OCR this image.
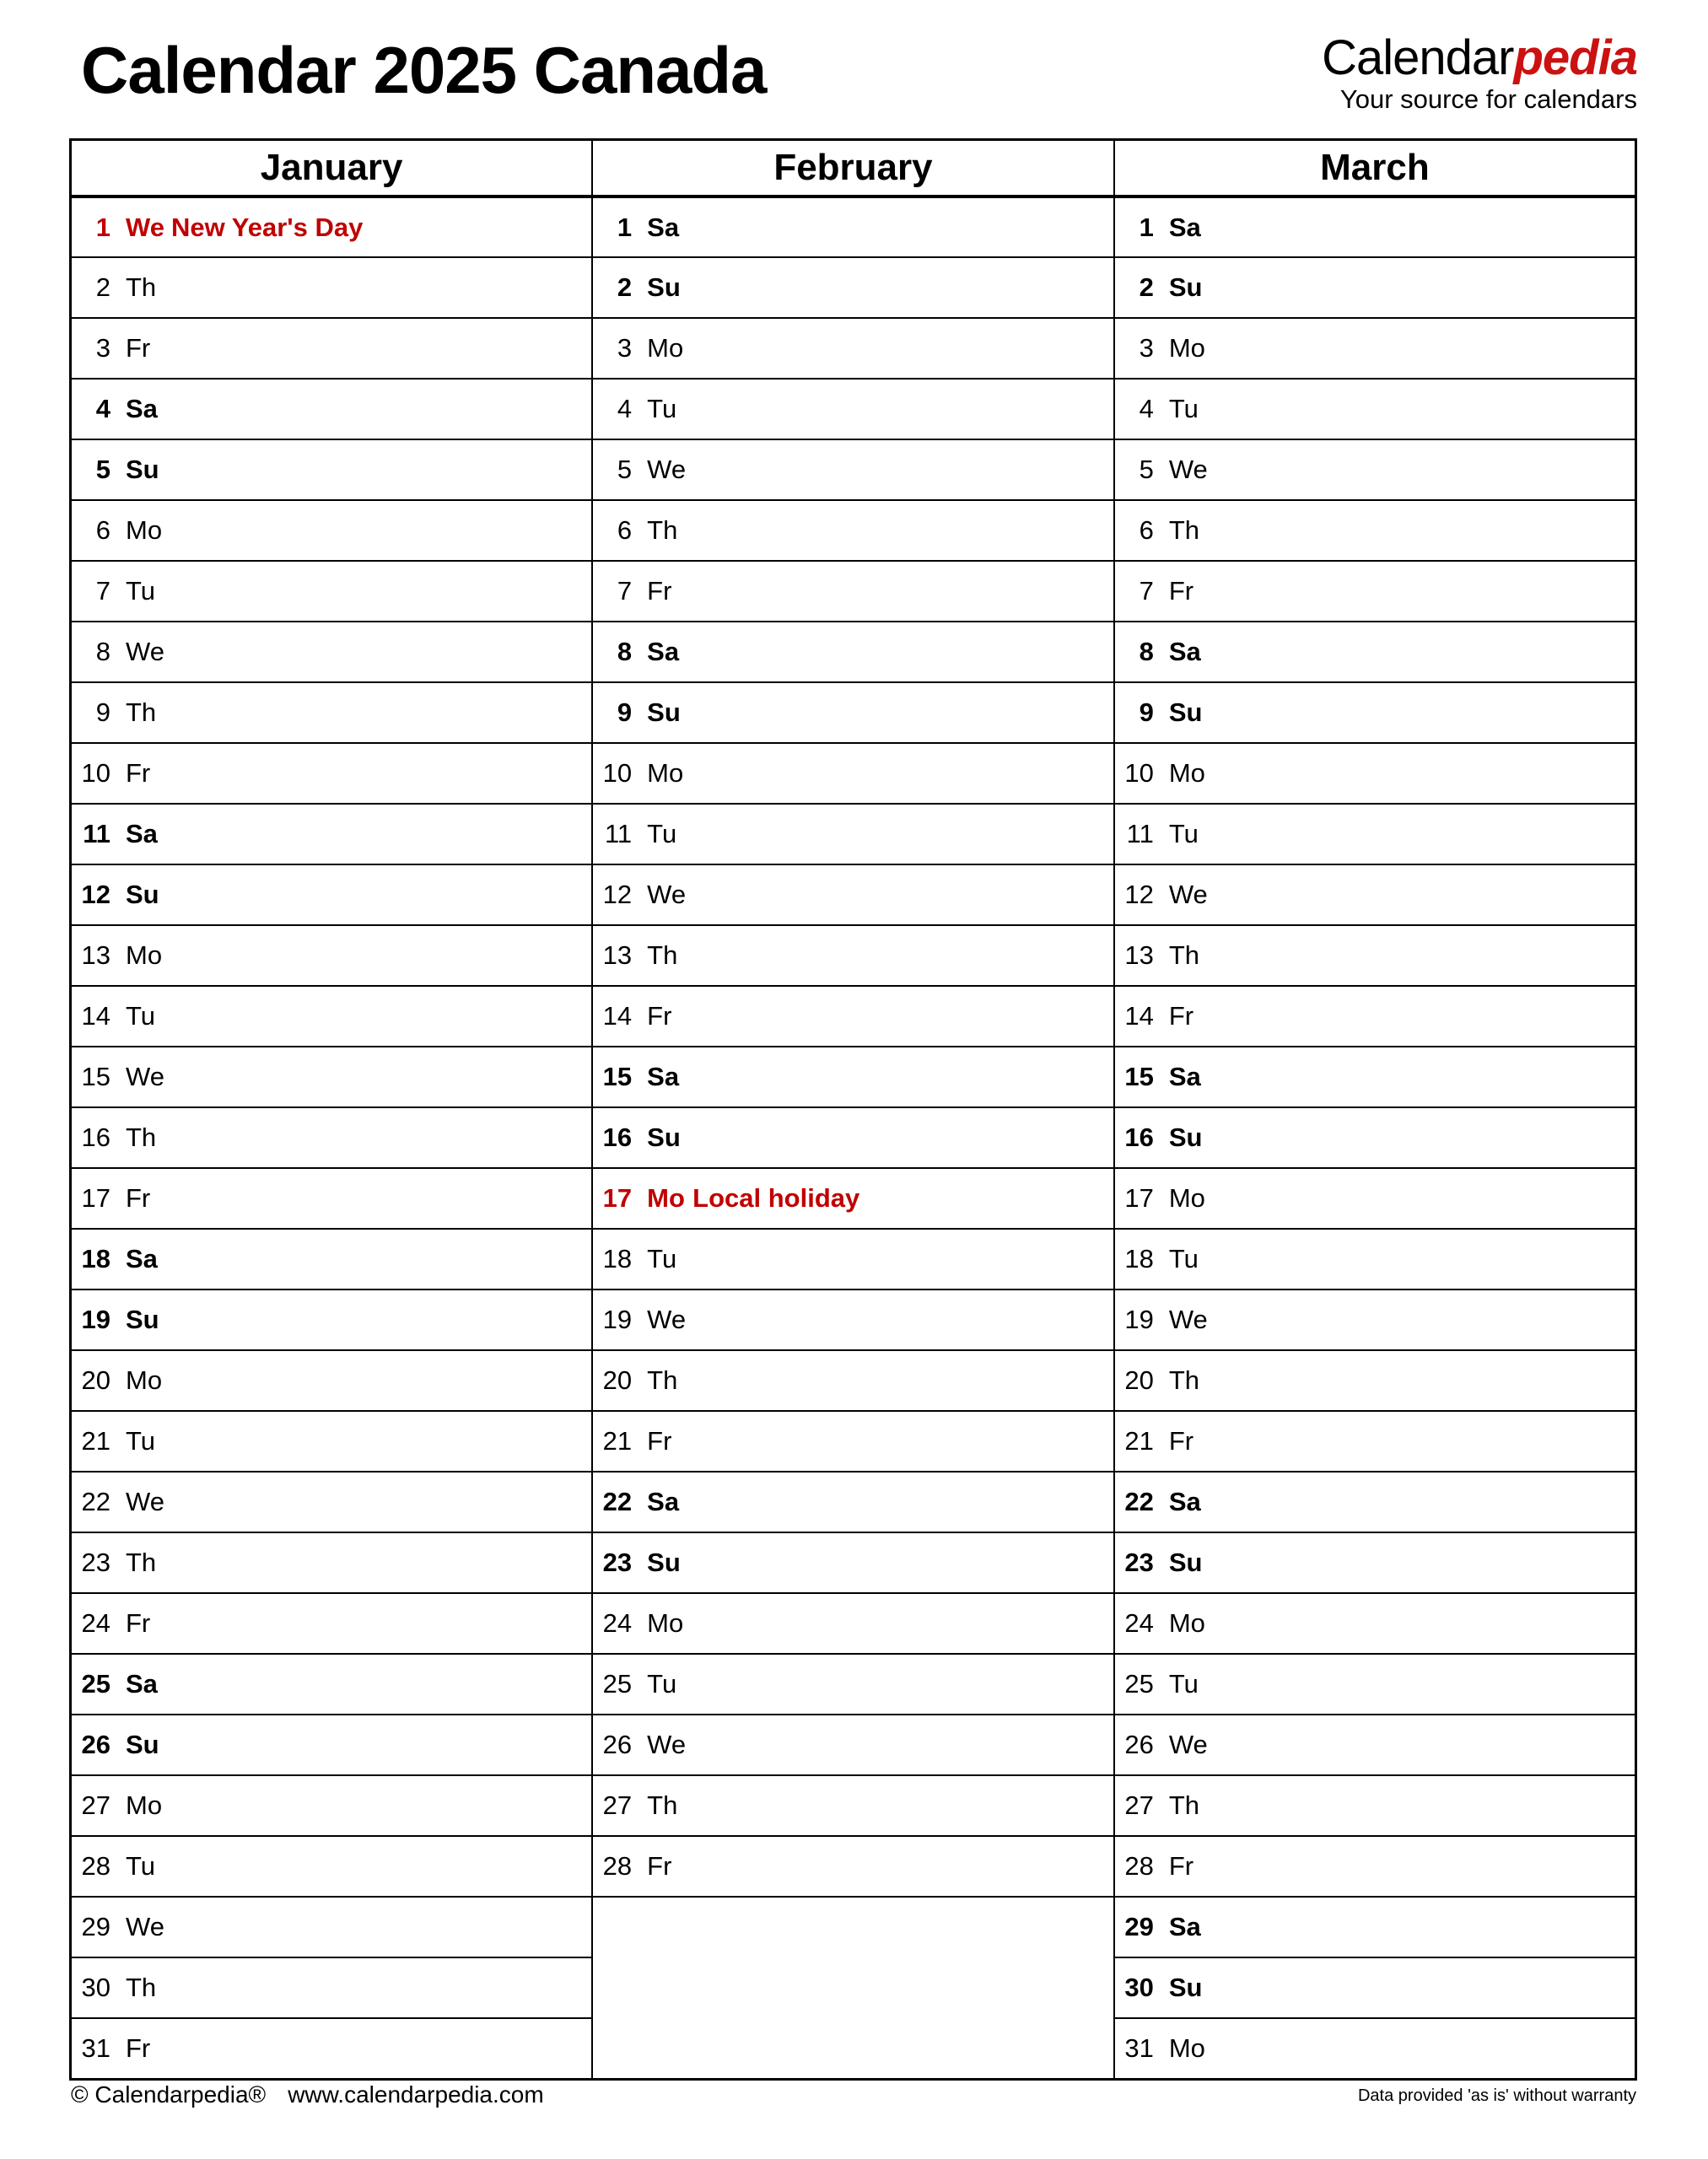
Calendar 2025 Canada	Calendarpedia
Your source for calendars
January	February	March

1 We New Year's Day	1 Sa	1 Sa

2 Th	2 Su	2 Su

3 Fr	3 Mo	3 Mo

4 Sa	4 Tu	4 Tu

5 Su	5 We	5 We

6 Mo	6 Th	6 Th

7 Tu	7 Fr	7 Fr

8 We	8 Sa	8 Sa

9 Th	9 Su	9 Su

10 Fr	10 Mo	10 Mo

11 Sa	11 Tu	11 Tu

12 Su	12 We	12 We

13 Mo	13 Th	13 Th

14 Tu	14 Fr	14 Fr

15 We	15 Sa	15 Sa

16 Th	16 Su	16 Su

17 Fr	17 Mo Local holiday	17 Mo

18 Sa	18 Tu	18 Tu

19 Su	19 We	19 We

20 Mo	20 Th	20 Th

21 Tu	21 Fr	21 Fr

22 We	22 Sa	22 Sa

23 Th	23 Su	23 Su

24 Fr	24 Mo	24 Mo

25 Sa	25 Tu	25 Tu

26 Su	26 We	26 We

27 Mo	27 Th	27 Th

28 Tu	28 Fr	28 Fr

29 We		29 Sa

30 Th		30 Su

31 Fr		31 Mo
© Calendarpedia® www.calendarpedia.com	Data provided 'as is' without warranty
